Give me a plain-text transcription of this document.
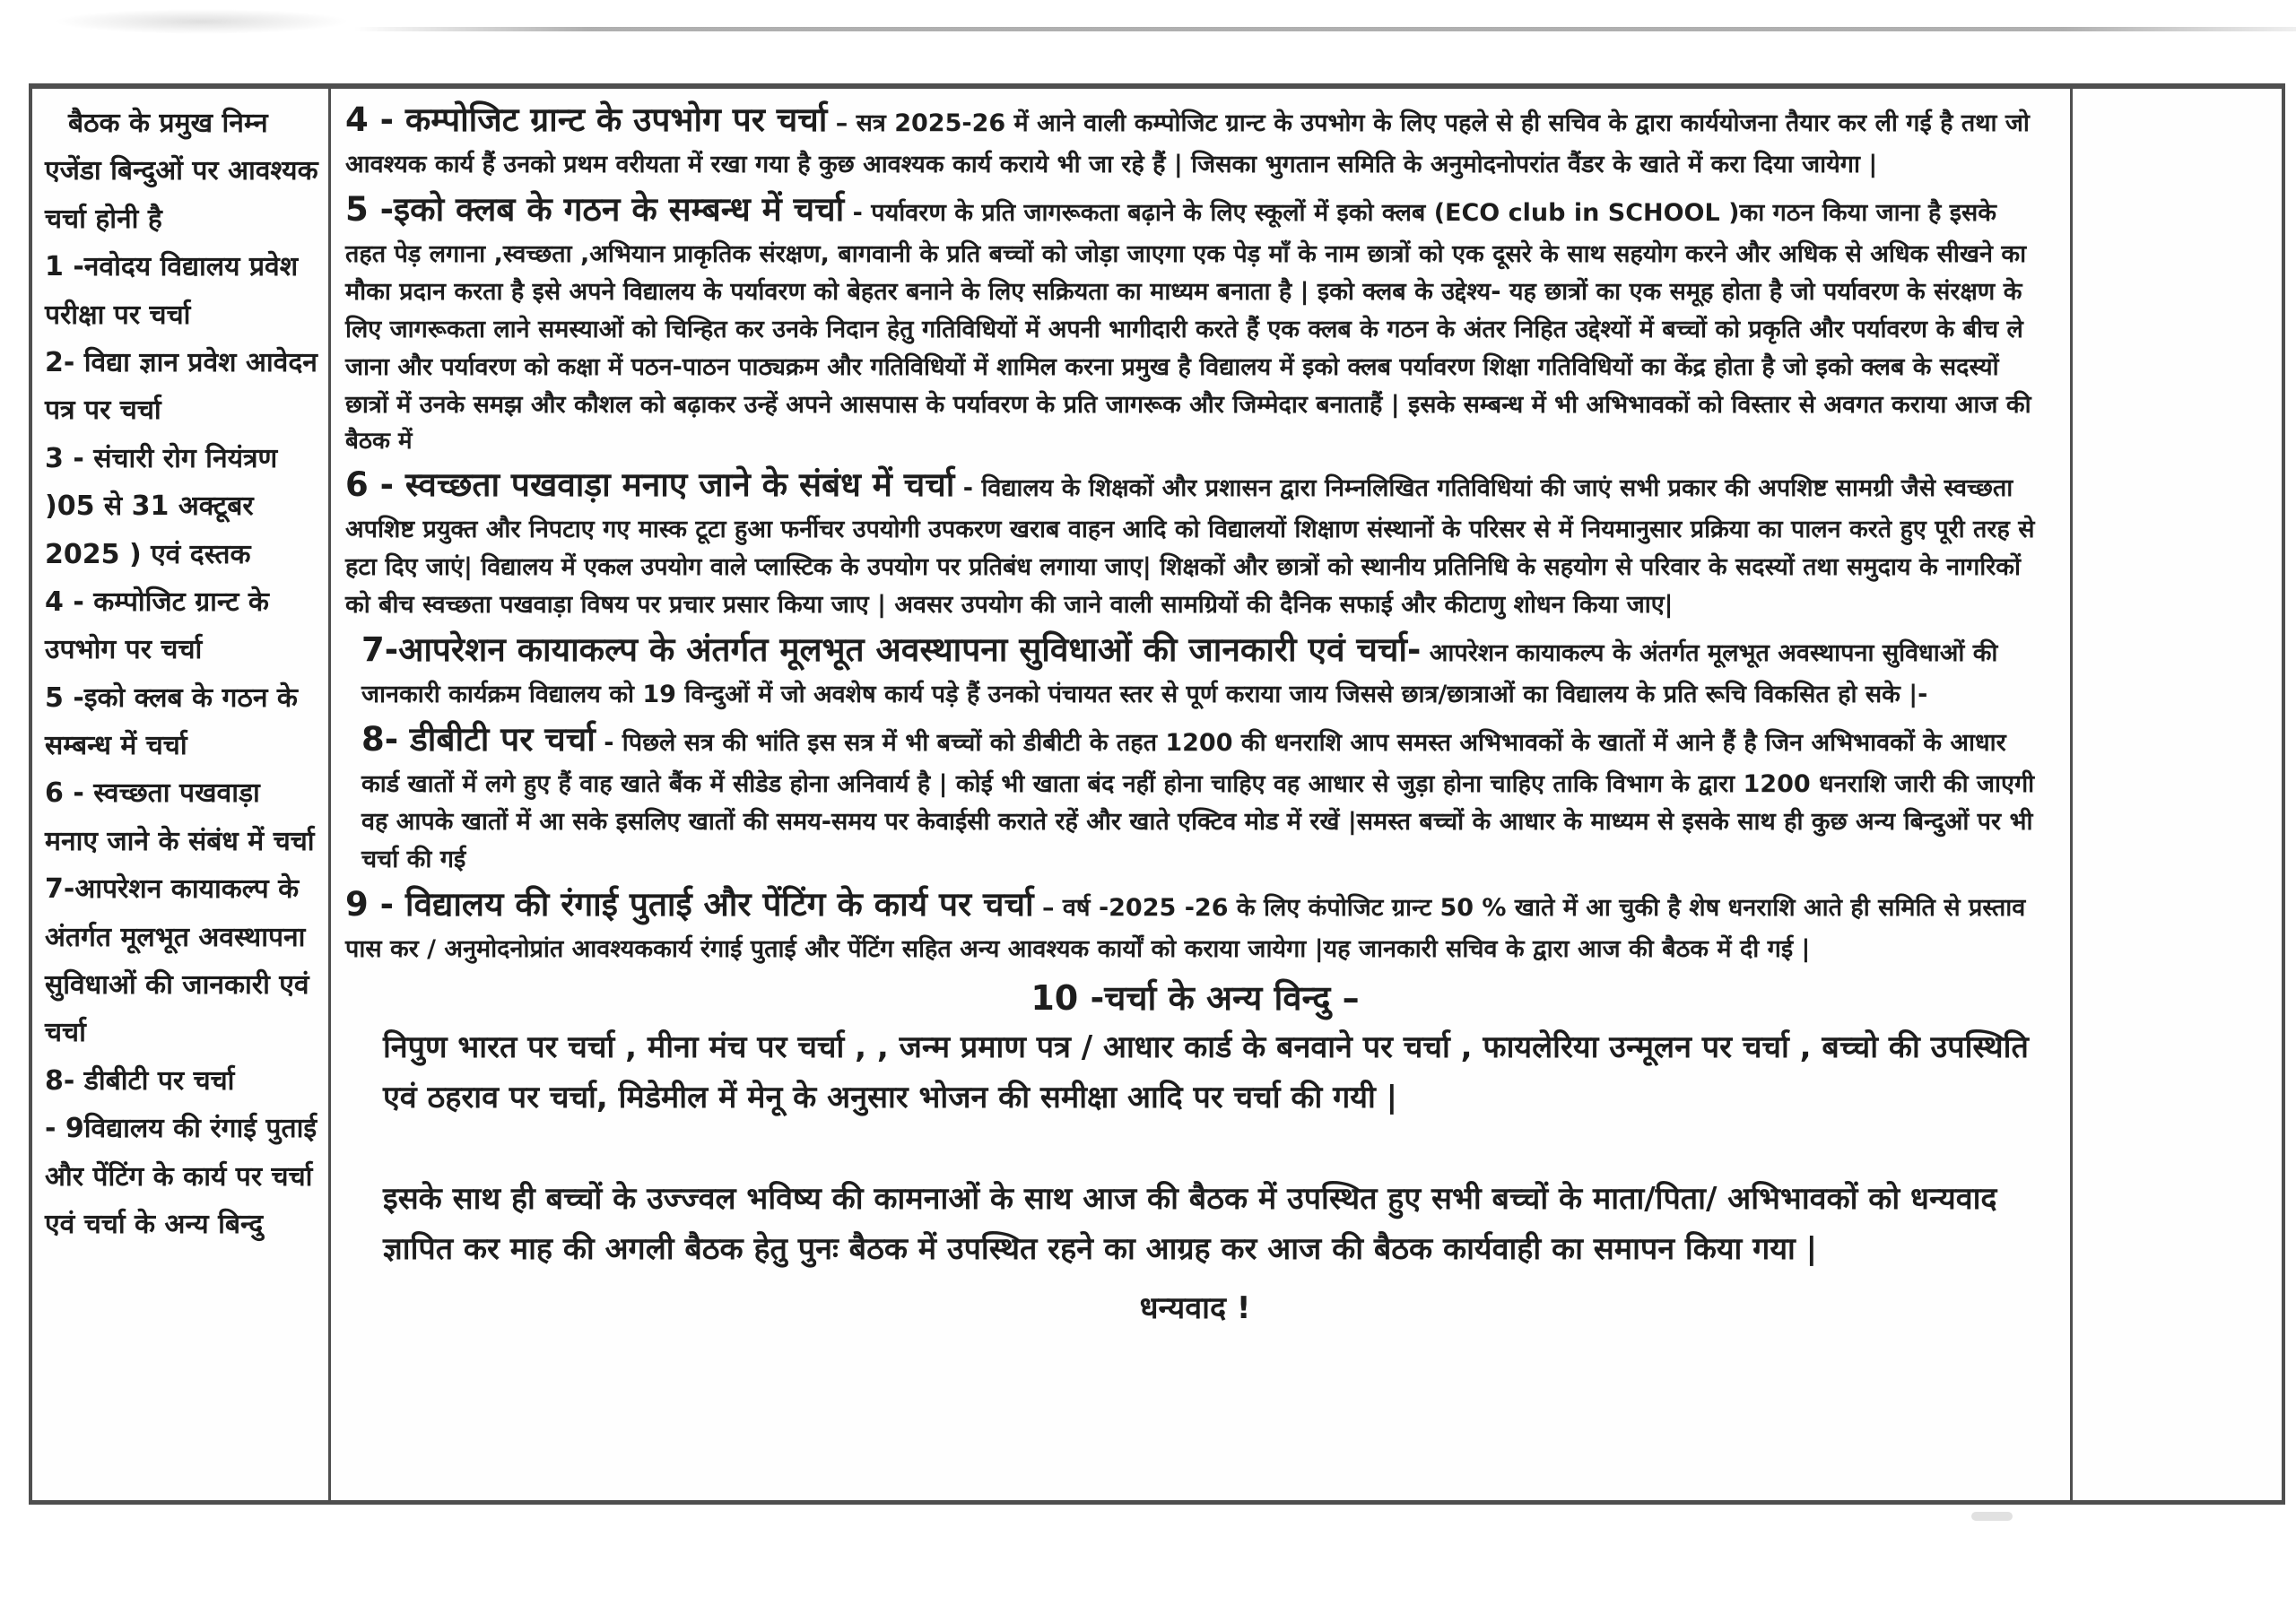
बैठक के प्रमुख निम्न एजेंडा बिन्दुओं पर आवश्यक चर्चा होनी है

1 -नवोदय विद्यालय प्रवेश परीक्षा पर चर्चा

2- विद्या ज्ञान प्रवेश आवेदन पत्र पर चर्चा

3 - संचारी रोग नियंत्रण )05 से 31 अक्टूबर 2025 ) एवं दस्तक

4 - कम्पोजिट ग्रान्ट के उपभोग पर चर्चा

5 -इको क्लब के गठन के सम्बन्ध में चर्चा

6 - स्वच्छता पखवाड़ा मनाए जाने के संबंध में चर्चा

7-आपरेशन कायाकल्प के अंतर्गत मूलभूत अवस्थापना सुविधाओं की जानकारी एवं चर्चा

8- डीबीटी पर चर्चा

- 9विद्यालय की रंगाई पुताई और पेंटिंग के कार्य पर चर्चा

एवं चर्चा के अन्य बिन्दु

4 - कम्पोजिट ग्रान्ट के उपभोग पर चर्चा – सत्र 2025-26 में आने वाली कम्पोजिट ग्रान्ट के उपभोग के लिए पहले से ही सचिव के द्वारा कार्ययोजना तैयार कर ली गई है तथा जो आवश्यक कार्य हैं उनको प्रथम वरीयता में रखा गया है कुछ आवश्यक कार्य कराये भी जा रहे हैं | जिसका भुगतान समिति के अनुमोदनोपरांत वैंडर के खाते में करा दिया जायेगा |
5 -इको क्लब के गठन के सम्बन्ध में चर्चा - पर्यावरण के प्रति जागरूकता बढ़ाने के लिए स्कूलों में इको क्लब (ECO club in SCHOOL )का गठन किया जाना है इसके तहत पेड़ लगाना ,स्वच्छता ,अभियान प्राकृतिक संरक्षण, बागवानी के प्रति बच्चों को जोड़ा जाएगा एक पेड़ माँ के नाम छात्रों को एक दूसरे के साथ सहयोग करने और अधिक से अधिक सीखने का मौका प्रदान करता है इसे अपने विद्यालय के पर्यावरण को बेहतर बनाने के लिए सक्रियता का माध्यम बनाता है | इको क्लब के उद्देश्य- यह छात्रों का एक समूह होता है जो पर्यावरण के संरक्षण के लिए जागरूकता लाने समस्याओं को चिन्हित कर उनके निदान हेतु गतिविधियों में अपनी भागीदारी करते हैं एक क्लब के गठन के अंतर निहित उद्देश्यों में बच्चों को प्रकृति और पर्यावरण के बीच ले जाना और पर्यावरण को कक्षा में पठन-पाठन पाठ्यक्रम और गतिविधियों में शामिल करना प्रमुख है विद्यालय में इको क्लब पर्यावरण शिक्षा गतिविधियों का केंद्र होता है जो इको क्लब के सदस्यों छात्रों में उनके समझ और कौशल को बढ़ाकर उन्हें अपने आसपास के पर्यावरण के प्रति जागरूक और जिम्मेदार बनाताहैं | इसके सम्बन्ध में भी अभिभावकों को विस्तार से अवगत कराया आज की
बैठक में
6 - स्वच्छता पखवाड़ा मनाए जाने के संबंध में चर्चा - विद्यालय के शिक्षकों और प्रशासन द्वारा निम्नलिखित गतिविधियां की जाएं सभी प्रकार की अपशिष्ट सामग्री जैसे स्वच्छता अपशिष्ट प्रयुक्त और निपटाए गए मास्क टूटा हुआ फर्नीचर उपयोगी उपकरण खराब वाहन आदि को विद्यालयों शिक्षाण संस्थानों के परिसर से में नियमानुसार प्रक्रिया का पालन करते हुए पूरी तरह से हटा दिए जाएं| विद्यालय में एकल उपयोग वाले प्लास्टिक के उपयोग पर प्रतिबंध लगाया जाए| शिक्षकों और छात्रों को स्थानीय प्रतिनिधि के सहयोग से परिवार के सदस्यों तथा समुदाय के नागरिकों को बीच स्वच्छता पखवाड़ा विषय पर प्रचार प्रसार किया जाए | अवसर उपयोग की जाने वाली सामग्रियों की दैनिक सफाई और कीटाणु शोधन किया जाए|
7-आपरेशन कायाकल्प के अंतर्गत मूलभूत अवस्थापना सुविधाओं की जानकारी एवं चर्चा- आपरेशन कायाकल्प के अंतर्गत मूलभूत अवस्थापना सुविधाओं की जानकारी कार्यक्रम विद्यालय को 19 विन्दुओं में जो अवशेष कार्य पड़े हैं उनको पंचायत स्तर से पूर्ण कराया जाय जिससे छात्र/छात्राओं का विद्यालय के प्रति रूचि विकसित हो सके |-
8- डीबीटी पर चर्चा - पिछले सत्र की भांति इस सत्र में भी बच्चों को डीबीटी के तहत 1200 की धनराशि आप समस्त अभिभावकों के खातों में आने हैं है जिन अभिभावकों के आधार कार्ड खातों में लगे हुए हैं वाह खाते बैंक में सीडेड होना अनिवार्य है | कोई भी खाता बंद नहीं होना चाहिए वह आधार से जुड़ा होना चाहिए ताकि विभाग के द्वारा 1200 धनराशि जारी की जाएगी वह आपके खातों में आ सके इसलिए खातों की समय-समय पर केवाईसी कराते रहें और खाते एक्टिव मोड में रखें |समस्त बच्चों के आधार के माध्यम से इसके साथ ही कुछ अन्य बिन्दुओं पर भी चर्चा की गई
9 - विद्यालय की रंगाई पुताई और पेंटिंग के कार्य पर चर्चा – वर्ष -2025 -26 के लिए कंपोजिट ग्रान्ट 50 % खाते में आ चुकी है शेष धनराशि आते ही समिति से प्रस्ताव पास कर / अनुमोदनोप्रांत आवश्यककार्य रंगाई पुताई और पेंटिंग सहित अन्य आवश्यक कार्यों को कराया जायेगा |यह जानकारी सचिव के द्वारा आज की बैठक में दी गई |
10 -चर्चा के अन्य विन्दु –
निपुण भारत पर चर्चा , मीना मंच पर चर्चा , , जन्म प्रमाण पत्र / आधार कार्ड के बनवाने पर चर्चा , फायलेरिया उन्मूलन पर चर्चा , बच्चो की उपस्थिति एवं ठहराव पर चर्चा, मिडेमील में मेनू के अनुसार भोजन की समीक्षा आदि पर चर्चा की गयी |
इसके साथ ही बच्चों के उज्ज्वल भविष्य की कामनाओं के साथ आज की बैठक में उपस्थित हुए सभी बच्चों के माता/पिता/ अभिभावकों को धन्यवाद ज्ञापित कर माह की अगली बैठक हेतु पुनः बैठक में उपस्थित रहने का आग्रह कर आज की बैठक कार्यवाही का समापन किया गया |
धन्यवाद !
